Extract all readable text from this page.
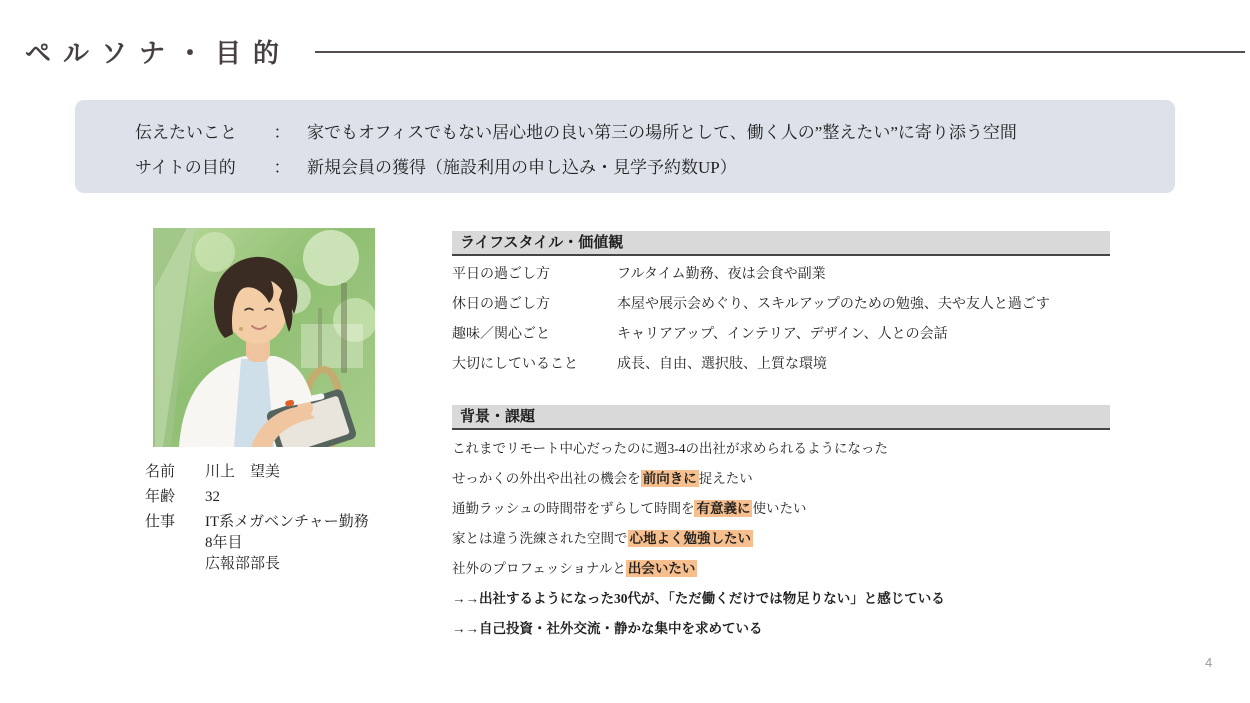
ペルソナ・目的
伝えたいこと	： 家でもオフィスでもない居心地の良い第三の場所として、働く人の”整えたい”に寄り添う空間
サイトの目的	： 新規会員の獲得（施設利用の申し込み・見学予約数UP）
名前	川上　望美
年齢	32
仕事	IT系メガベンチャー勤務
8年目
広報部部長
ライフスタイル・価値観
平日の過ごし方	フルタイム勤務、夜は会食や副業
休日の過ごし方	本屋や展示会めぐり、スキルアップのための勉強、夫や友人と過ごす
趣味／関心ごと	キャリアアップ、インテリア、デザイン、人との会話
大切にしていること	成長、自由、選択肢、上質な環境
背景・課題
これまでリモート中心だったのに週3-4の出社が求められるようになった
せっかくの外出や出社の機会を 前向きに 捉えたい
通勤ラッシュの時間帯をずらして時間を 有意義に 使いたい
家とは違う洗練された空間で 心地よく勉強したい
社外のプロフェッショナルと 出会いたい
→→出社するようになった30代が、「ただ働くだけでは物足りない」と感じている
→→自己投資・社外交流・静かな集中を求めている
4
